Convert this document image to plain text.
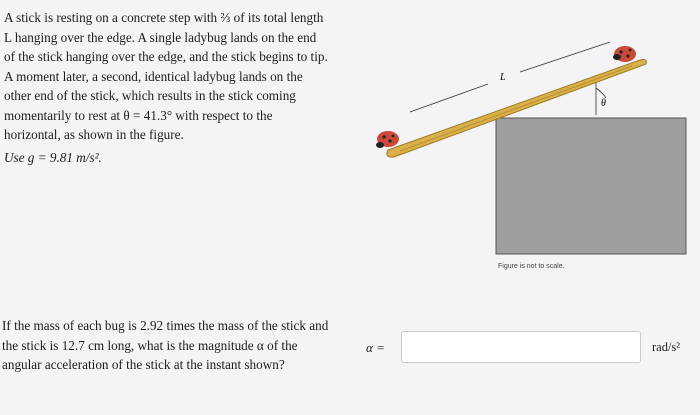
A stick is resting on a concrete step with ⅔ of its total length

L hanging over the edge. A single ladybug lands on the end

of the stick hanging over the edge, and the stick begins to tip.

A moment later, a second, identical ladybug lands on the

other end of the stick, which results in the stick coming

momentarily to rest at θ = 41.3° with respect to the

horizontal, as shown in the figure.

Use g = 9.81 m/s².
L
θ
Figure is not to scale.
If the mass of each bug is 2.92 times the mass of the stick and
the stick is 12.7 cm long, what is the magnitude α of the
angular acceleration of the stick at the instant shown?
α =	rad/s²
